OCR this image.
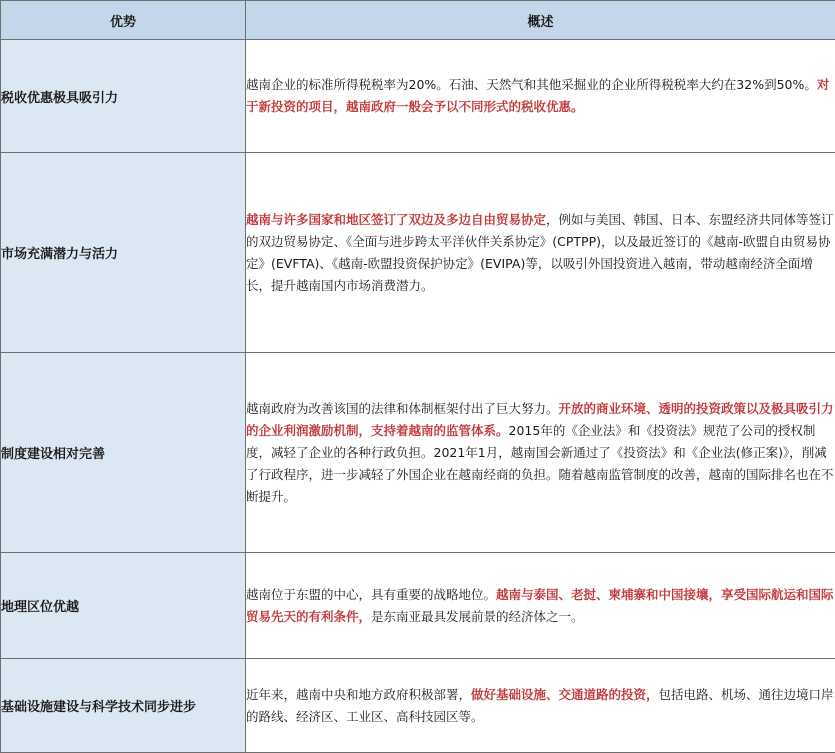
优势	概述
税收优惠极具吸引力	越南企业的标准所得税税率为20%。石油、天然气和其他采掘业的企业所得税税率大约在32%到50%。对于新投资的项目，越南政府一般会予以不同形式的税收优惠。
市场充满潜力与活力	越南与许多国家和地区签订了双边及多边自由贸易协定，例如与美国、韩国、日本、东盟经济共同体等签订的双边贸易协定、《全面与进步跨太平洋伙伴关系协定》(CPTPP)，以及最近签订的《越南-欧盟自由贸易协定》(EVFTA)、《越南-欧盟投资保护协定》(EVIPA)等，以吸引外国投资进入越南，带动越南经济全面增长，提升越南国内市场消费潜力。
制度建设相对完善	越南政府为改善该国的法律和体制框架付出了巨大努力。开放的商业环境、透明的投资政策以及极具吸引力的企业利润激励机制，支持着越南的监管体系。2015年的《企业法》和《投资法》规范了公司的授权制度，减轻了企业的各种行政负担。2021年1月，越南国会新通过了《投资法》和《企业法(修正案)》，削减了行政程序，进一步减轻了外国企业在越南经商的负担。随着越南监管制度的改善，越南的国际排名也在不断提升。
地理区位优越	越南位于东盟的中心，具有重要的战略地位。越南与泰国、老挝、柬埔寨和中国接壤，享受国际航运和国际贸易先天的有利条件，是东南亚最具发展前景的经济体之一。
基础设施建设与科学技术同步进步	近年来，越南中央和地方政府积极部署，做好基础设施、交通道路的投资，包括电路、机场、通往边境口岸的路线、经济区、工业区、高科技园区等。
